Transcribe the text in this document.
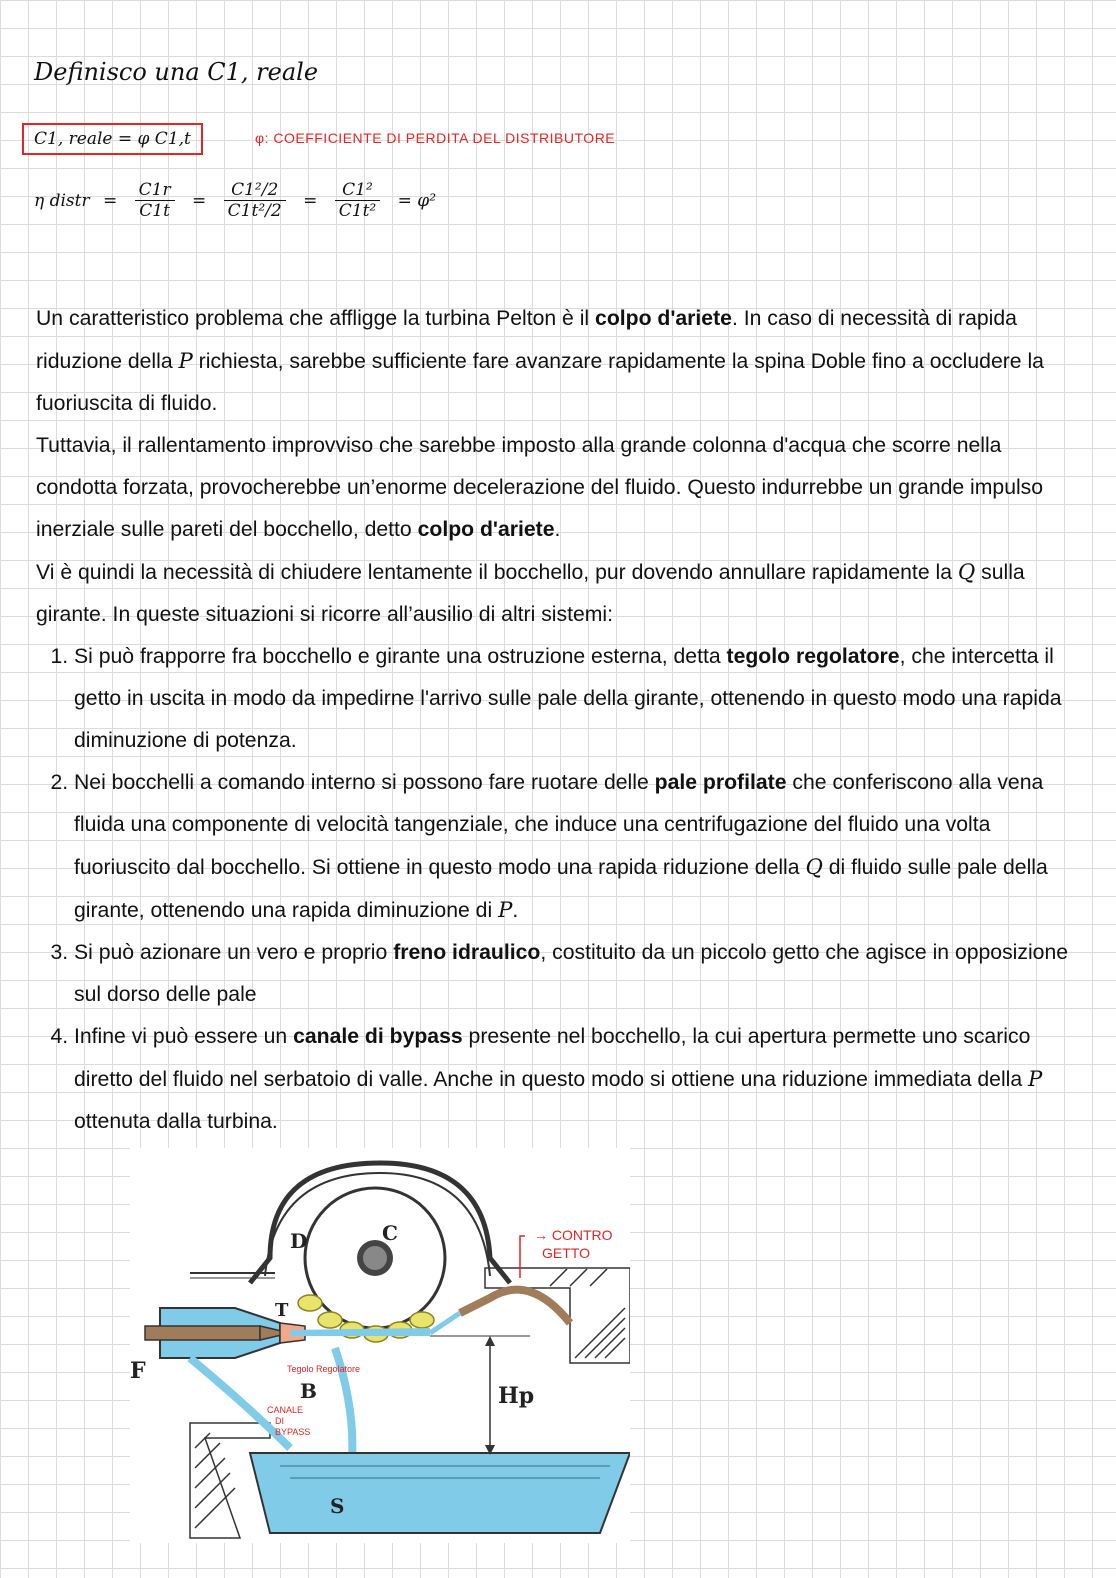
Definisco una C1, reale
C1, reale = φ C1,t	φ: COEFFICIENTE DI PERDITA DEL DISTRIBUTORE
η distr = $\frac{C1r}{C1t} = \frac{\text{C1²/2}}{\text{C1t²/2}} = \frac{\text{C1²}}{\text{C1t²}} = \varphi^2$

Un caratteristico problema che affligge la turbina Pelton è il colpo d'ariete. In caso di necessità di rapida riduzione della P richiesta, sarebbe sufficiente fare avanzare rapidamente la spina Doble fino a occludere la fuoriuscita di fluido.

Tuttavia, il rallentamento improvviso che sarebbe imposto alla grande colonna d'acqua che scorre nella condotta forzata, provocherebbe un’enorme decelerazione del fluido. Questo indurrebbe un grande impulso inerziale sulle pareti del bocchello, detto colpo d'ariete.

Vi è quindi la necessità di chiudere lentamente il bocchello, pur dovendo annullare rapidamente la Q sulla girante. In queste situazioni si ricorre all’ausilio di altri sistemi:

1. Si può frapporre fra bocchello e girante una ostruzione esterna, detta tegolo regolatore, che intercetta il getto in uscita in modo da impedirne l'arrivo sulle pale della girante, ottenendo in questo modo una rapida diminuzione di potenza.
2. Nei bocchelli a comando interno si possono fare ruotare delle pale profilate che conferiscono alla vena fluida una componente di velocità tangenziale, che induce una centrifugazione del fluido una volta fuoriuscito dal bocchello. Si ottiene in questo modo una rapida riduzione della Q di fluido sulle pale della girante, ottenendo una rapida diminuzione di P.
3. Si può azionare un vero e proprio freno idraulico, costituito da un piccolo getto che agisce in opposizione sul dorso delle pale
4. Infine vi può essere un canale di bypass presente nel bocchello, la cui apertura permette uno scarico diretto del fluido nel serbatoio di valle. Anche in questo modo si ottiene una riduzione immediata della P ottenuta dalla turbina.
D	C
T
F
B	Hp
S
→ CONTRO
GETTO
Tegolo Regolatore
CANALE
DI
BYPASS
